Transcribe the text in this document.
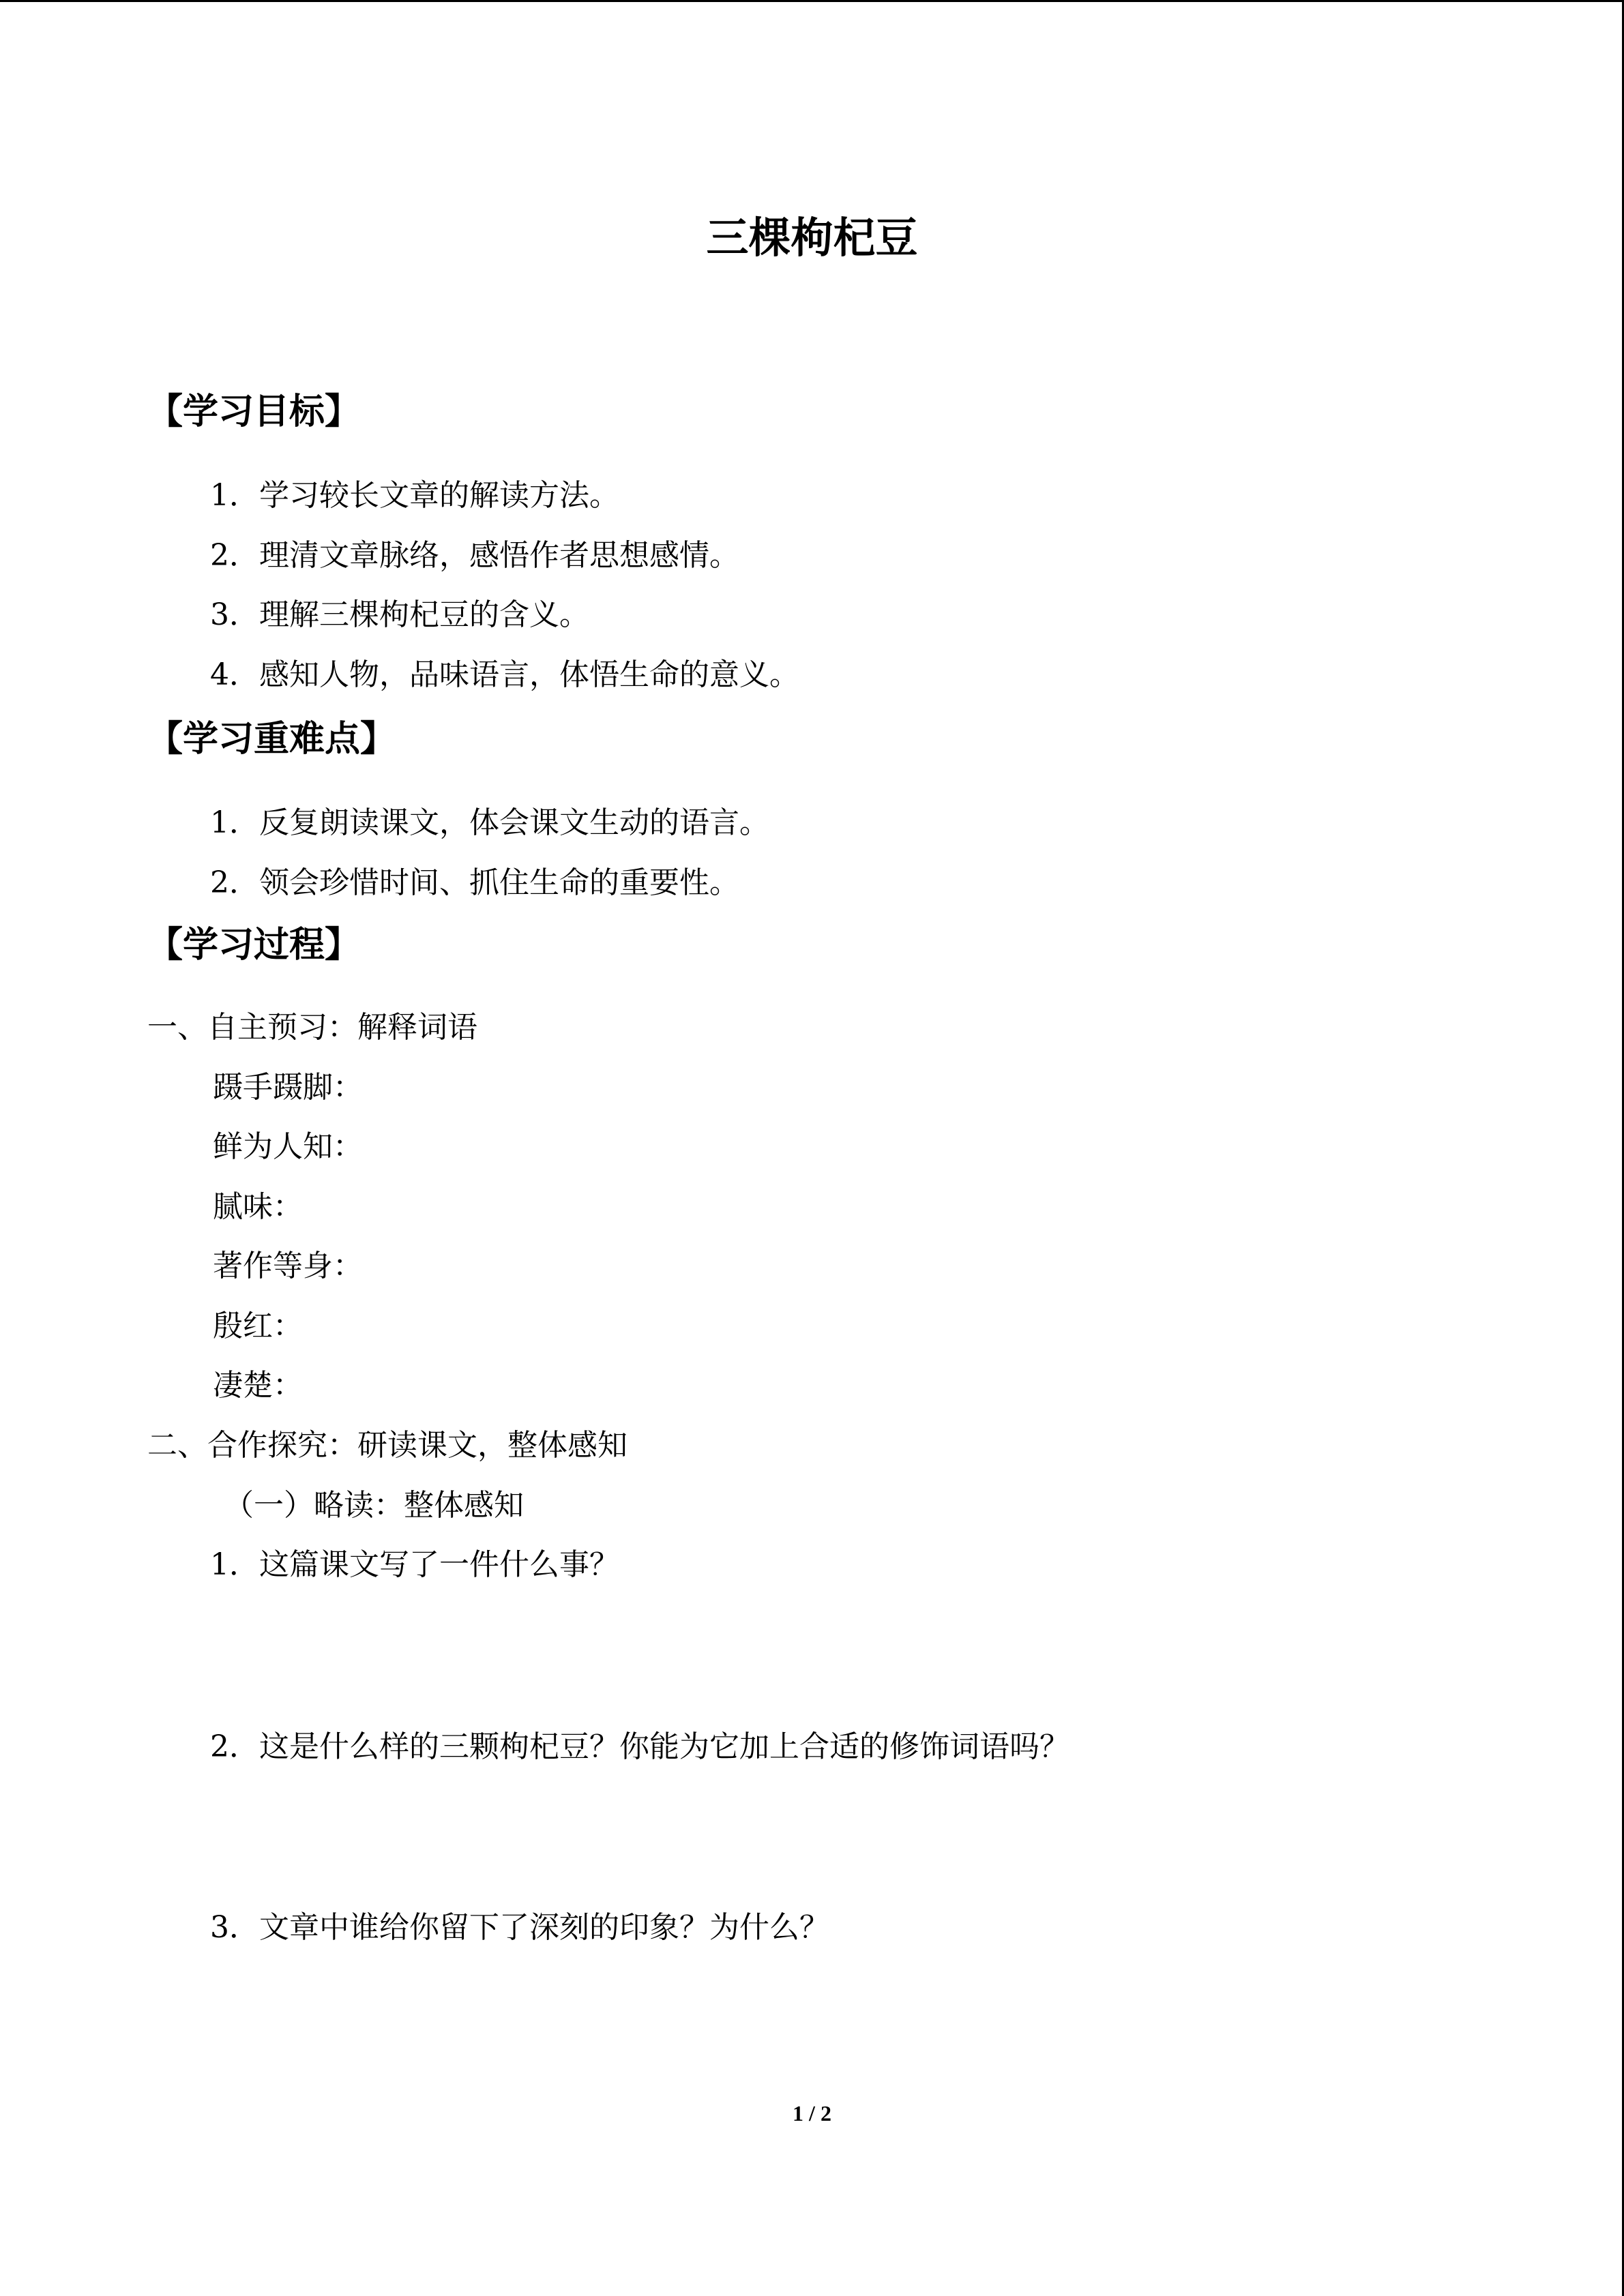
三棵枸杞豆
【学习目标】
1．学习较长文章的解读方法。
2．理清文章脉络，感悟作者思想感情。
3．理解三棵枸杞豆的含义。
4．感知人物，品味语言，体悟生命的意义。
【学习重难点】
1．反复朗读课文，体会课文生动的语言。
2．领会珍惜时间、抓住生命的重要性。
【学习过程】
一、自主预习：解释词语
蹑手蹑脚：
鲜为人知：
腻味：
著作等身：
殷红：
凄楚：
二、合作探究：研读课文，整体感知
（一）略读：整体感知
1．这篇课文写了一件什么事？
2．这是什么样的三颗枸杞豆？你能为它加上合适的修饰词语吗？
3．文章中谁给你留下了深刻的印象？为什么？
1 / 2
